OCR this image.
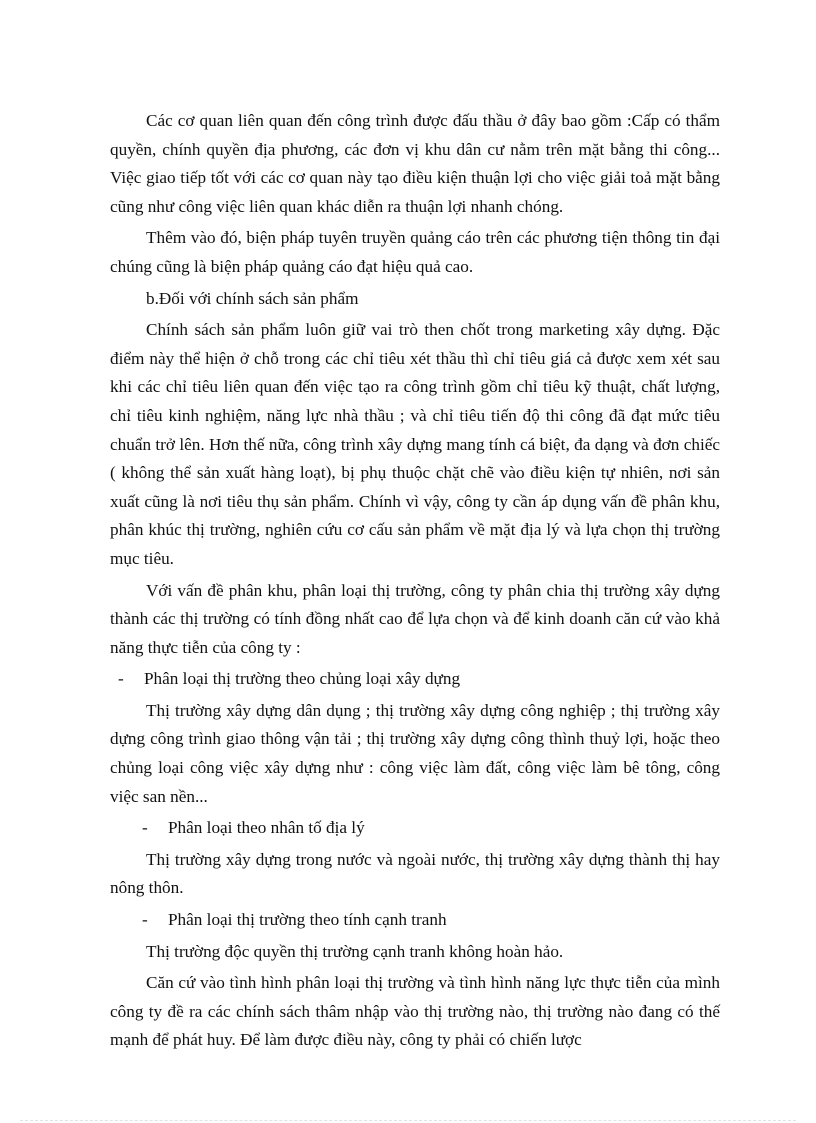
Các cơ quan liên quan đến công trình được đấu thầu ở đây bao gồm :Cấp có thẩm quyền, chính quyền địa phương, các đơn vị khu dân cư nằm trên mặt bằng thi công... Việc giao tiếp tốt với các cơ quan này tạo điều kiện thuận lợi cho việc giải toả mặt bằng cũng như công việc liên quan khác diễn ra thuận lợi nhanh chóng.

Thêm vào đó, biện pháp tuyên truyền quảng cáo trên các phương tiện thông tin đại chúng cũng là biện pháp quảng cáo đạt hiệu quả cao.

b.Đối với chính sách sản phẩm

Chính sách sản phẩm luôn giữ vai trò then chốt trong marketing xây dựng. Đặc điểm này thể hiện ở chỗ trong các chỉ tiêu xét thầu thì chỉ tiêu giá cả được xem xét sau khi các chỉ tiêu liên quan đến việc tạo ra công trình gồm chỉ tiêu kỹ thuật, chất lượng, chỉ tiêu kinh nghiệm, năng lực nhà thầu ; và chỉ tiêu tiến độ thi công đã đạt mức tiêu chuẩn trở lên. Hơn thế nữa, công trình xây dựng mang tính cá biệt, đa dạng và đơn chiếc ( không thể sản xuất hàng loạt), bị phụ thuộc chặt chẽ vào điều kiện tự nhiên, nơi sản xuất cũng là nơi tiêu thụ sản phẩm. Chính vì vậy, công ty cần áp dụng vấn đề phân khu, phân khúc thị trường, nghiên cứu cơ cấu sản phẩm về mặt địa lý và lựa chọn thị trường mục tiêu.

Với vấn đề phân khu, phân loại thị trường, công ty phân chia thị trường xây dựng thành các thị trường có tính đồng nhất cao để lựa chọn và để kinh doanh căn cứ vào khả năng thực tiễn của công ty :

-	Phân loại thị trường theo chủng loại xây dựng

Thị trường xây dựng dân dụng ; thị trường xây dựng công nghiệp ; thị trường xây dựng công trình giao thông vận tải ; thị trường xây dựng công thình thuỷ lợi, hoặc theo chủng loại công việc xây dựng như : công việc làm đất, công việc làm bê tông, công việc san nền...

-	Phân loại theo nhân tố địa lý

Thị trường xây dựng trong nước và ngoài nước, thị trường xây dựng thành thị hay nông thôn.

-	Phân loại thị trường theo tính cạnh tranh

Thị trường độc quyền thị trường cạnh tranh không hoàn hảo.

Căn cứ vào tình hình phân loại thị trường và tình hình năng lực thực tiễn của mình công ty đề ra các chính sách thâm nhập vào thị trường nào, thị trường nào đang có thế mạnh để phát huy. Để làm được điều này, công ty phải có chiến lược
